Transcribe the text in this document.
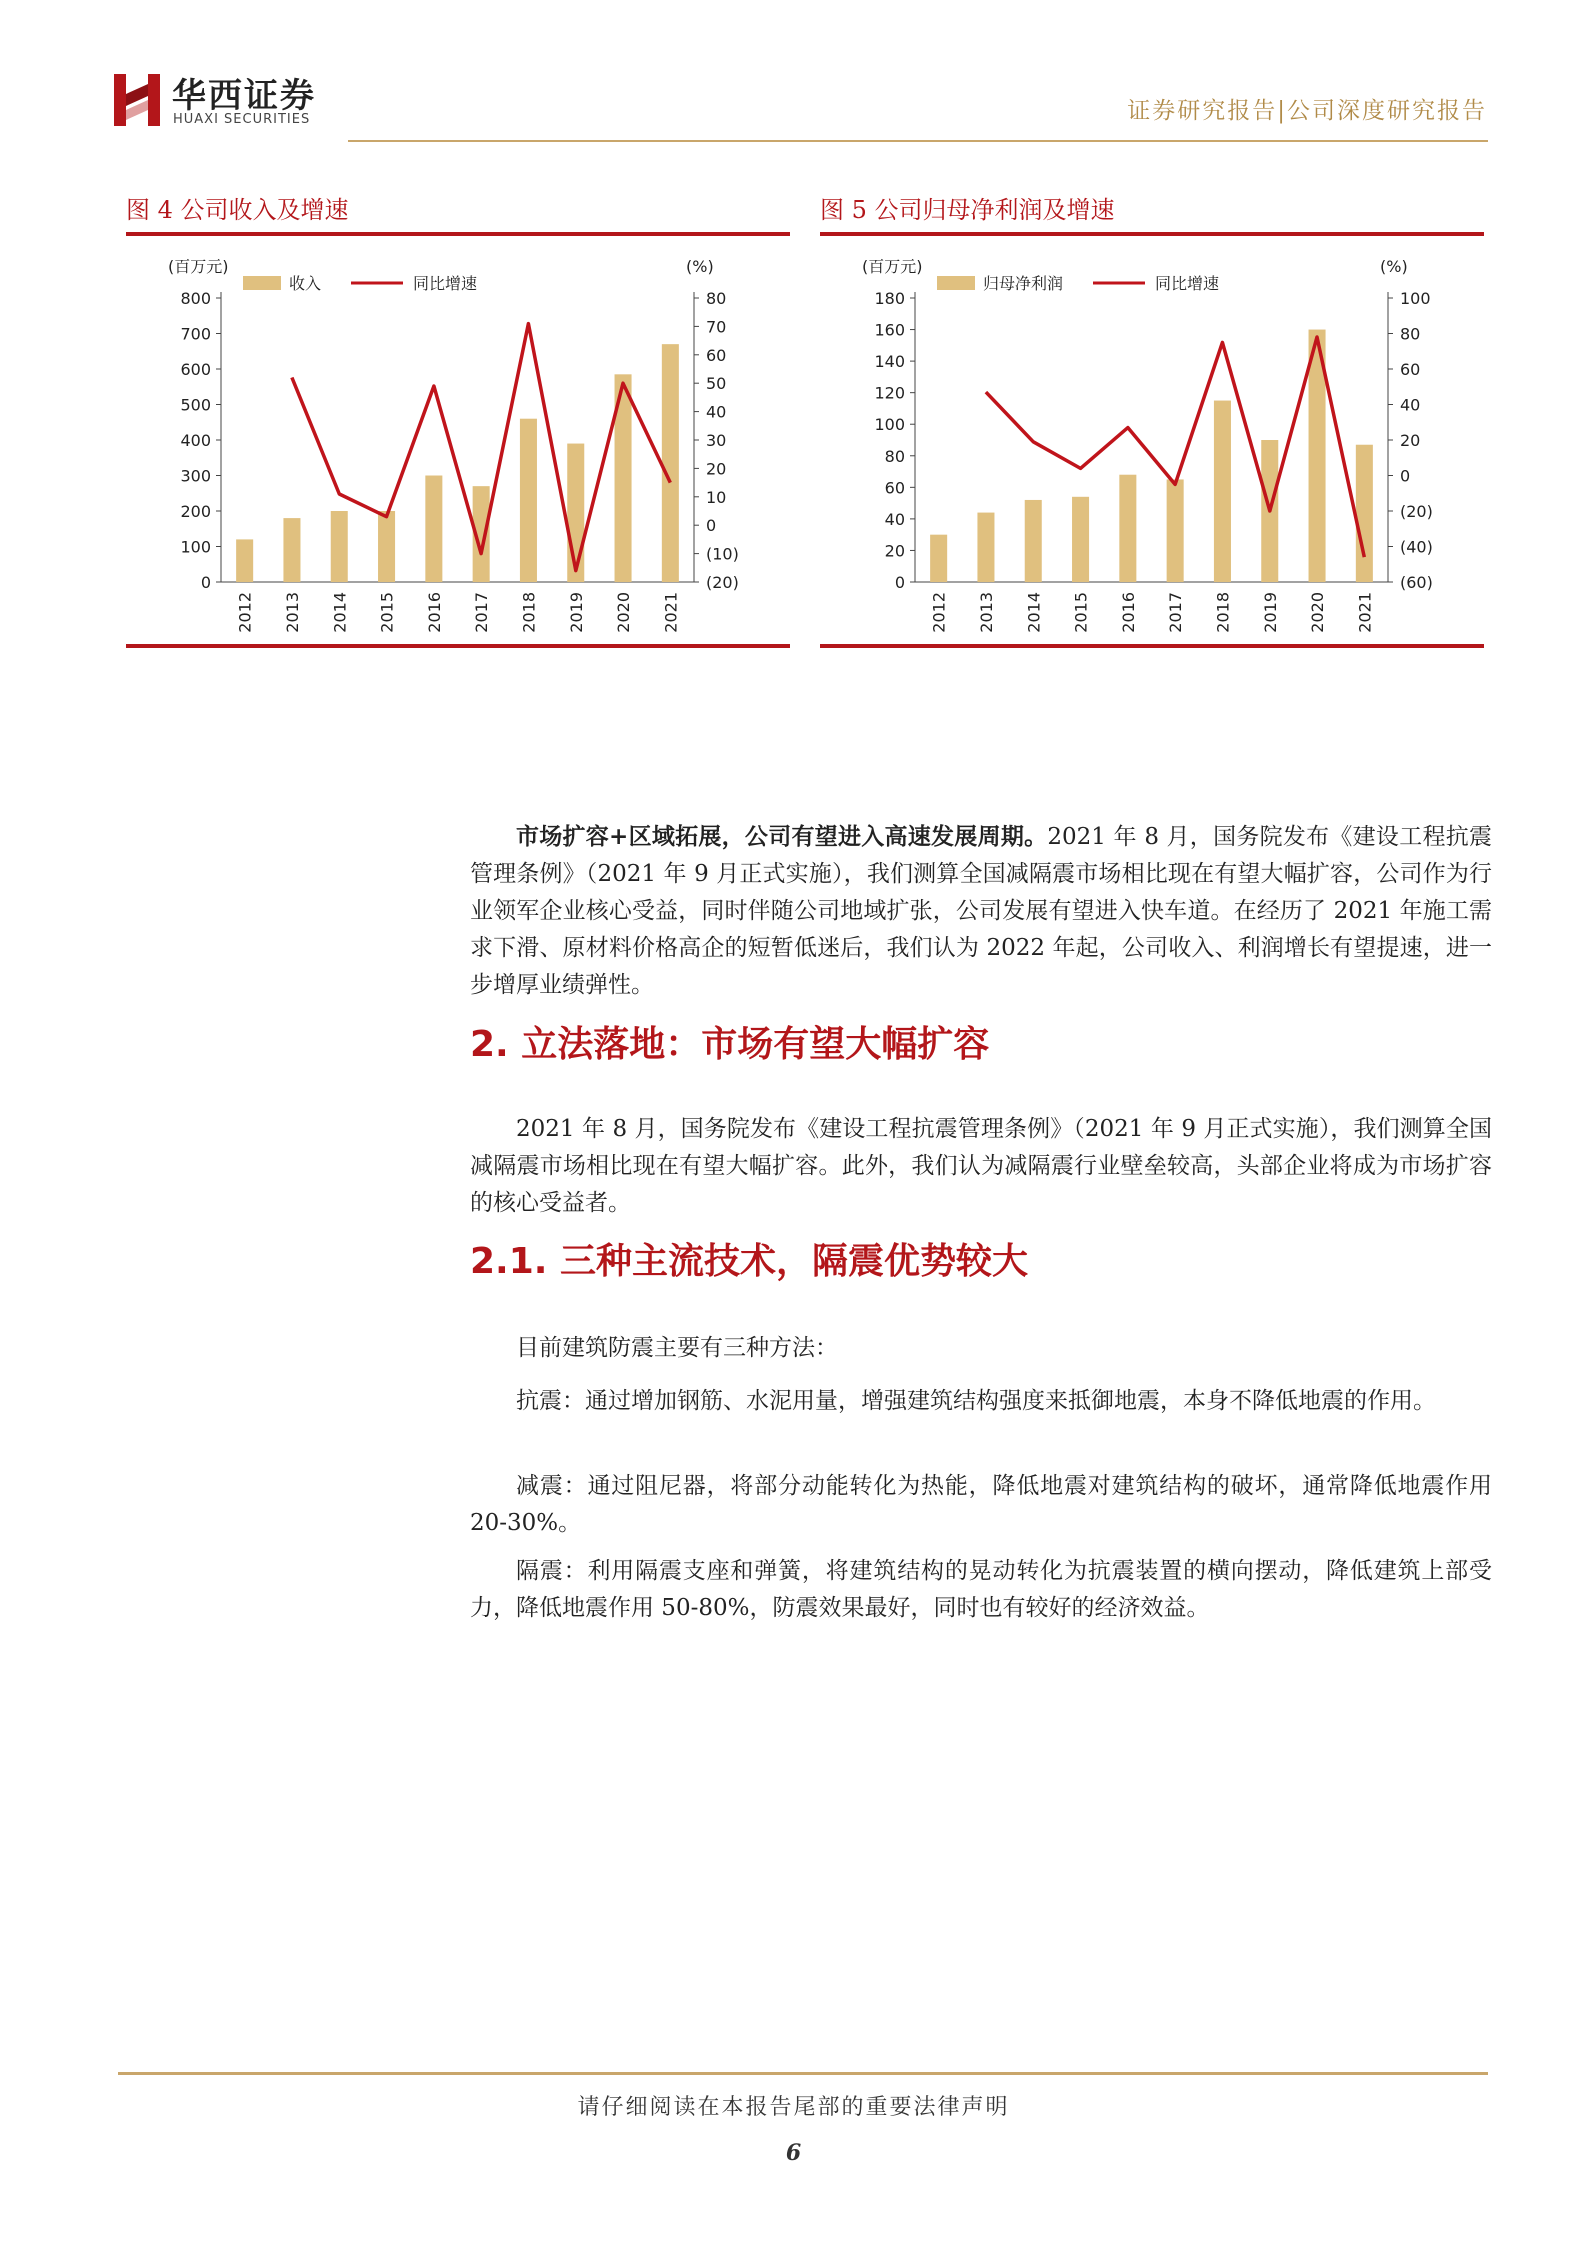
华西证券
HUAXI SECURITIES	证券研究报告|公司深度研究报告
图 4 公司收入及增速
(百万元)	(%)
0
100
200
300
400
500
600
700
800
(20)
(10)
0
10
20
30
40
50
60
70
80
2012 2013 2014 2015 2016 2017 2018 2019 2020 2021
收入	同比增速
图 5 公司归母净利润及增速
(百万元)	(%)
0
20
40
60
80
100
120
140
160
180
(60)
(40)
(20)
0
20
40
60
80
100
2012 2013 2014 2015 2016 2017 2018 2019 2020 2021
归母净利润	同比增速

市场扩容+区域拓展，公司有望进入高速发展周期。2021 年 8 月，国务院发布《建设工程抗震管理条例》（2021 年 9 月正式实施），我们测算全国减隔震市场相比现在有望大幅扩容，公司作为行业领军企业核心受益，同时伴随公司地域扩张，公司发展有望进入快车道。在经历了 2021 年施工需求下滑、原材料价格高企的短暂低迷后，我们认为 2022 年起，公司收入、利润增长有望提速，进一步增厚业绩弹性。

2. 立法落地：市场有望大幅扩容

2021 年 8 月，国务院发布《建设工程抗震管理条例》（2021 年 9 月正式实施），我们测算全国减隔震市场相比现在有望大幅扩容。此外，我们认为减隔震行业壁垒较高，头部企业将成为市场扩容的核心受益者。

2.1. 三种主流技术，隔震优势较大

目前建筑防震主要有三种方法：

抗震：通过增加钢筋、水泥用量，增强建筑结构强度来抵御地震，本身不降低地震的作用。

减震：通过阻尼器，将部分动能转化为热能，降低地震对建筑结构的破坏，通常降低地震作用 20-30%。

隔震：利用隔震支座和弹簧，将建筑结构的晃动转化为抗震装置的横向摆动，降低建筑上部受力，降低地震作用 50-80%，防震效果最好，同时也有较好的经济效益。

请仔细阅读在本报告尾部的重要法律声明
6
